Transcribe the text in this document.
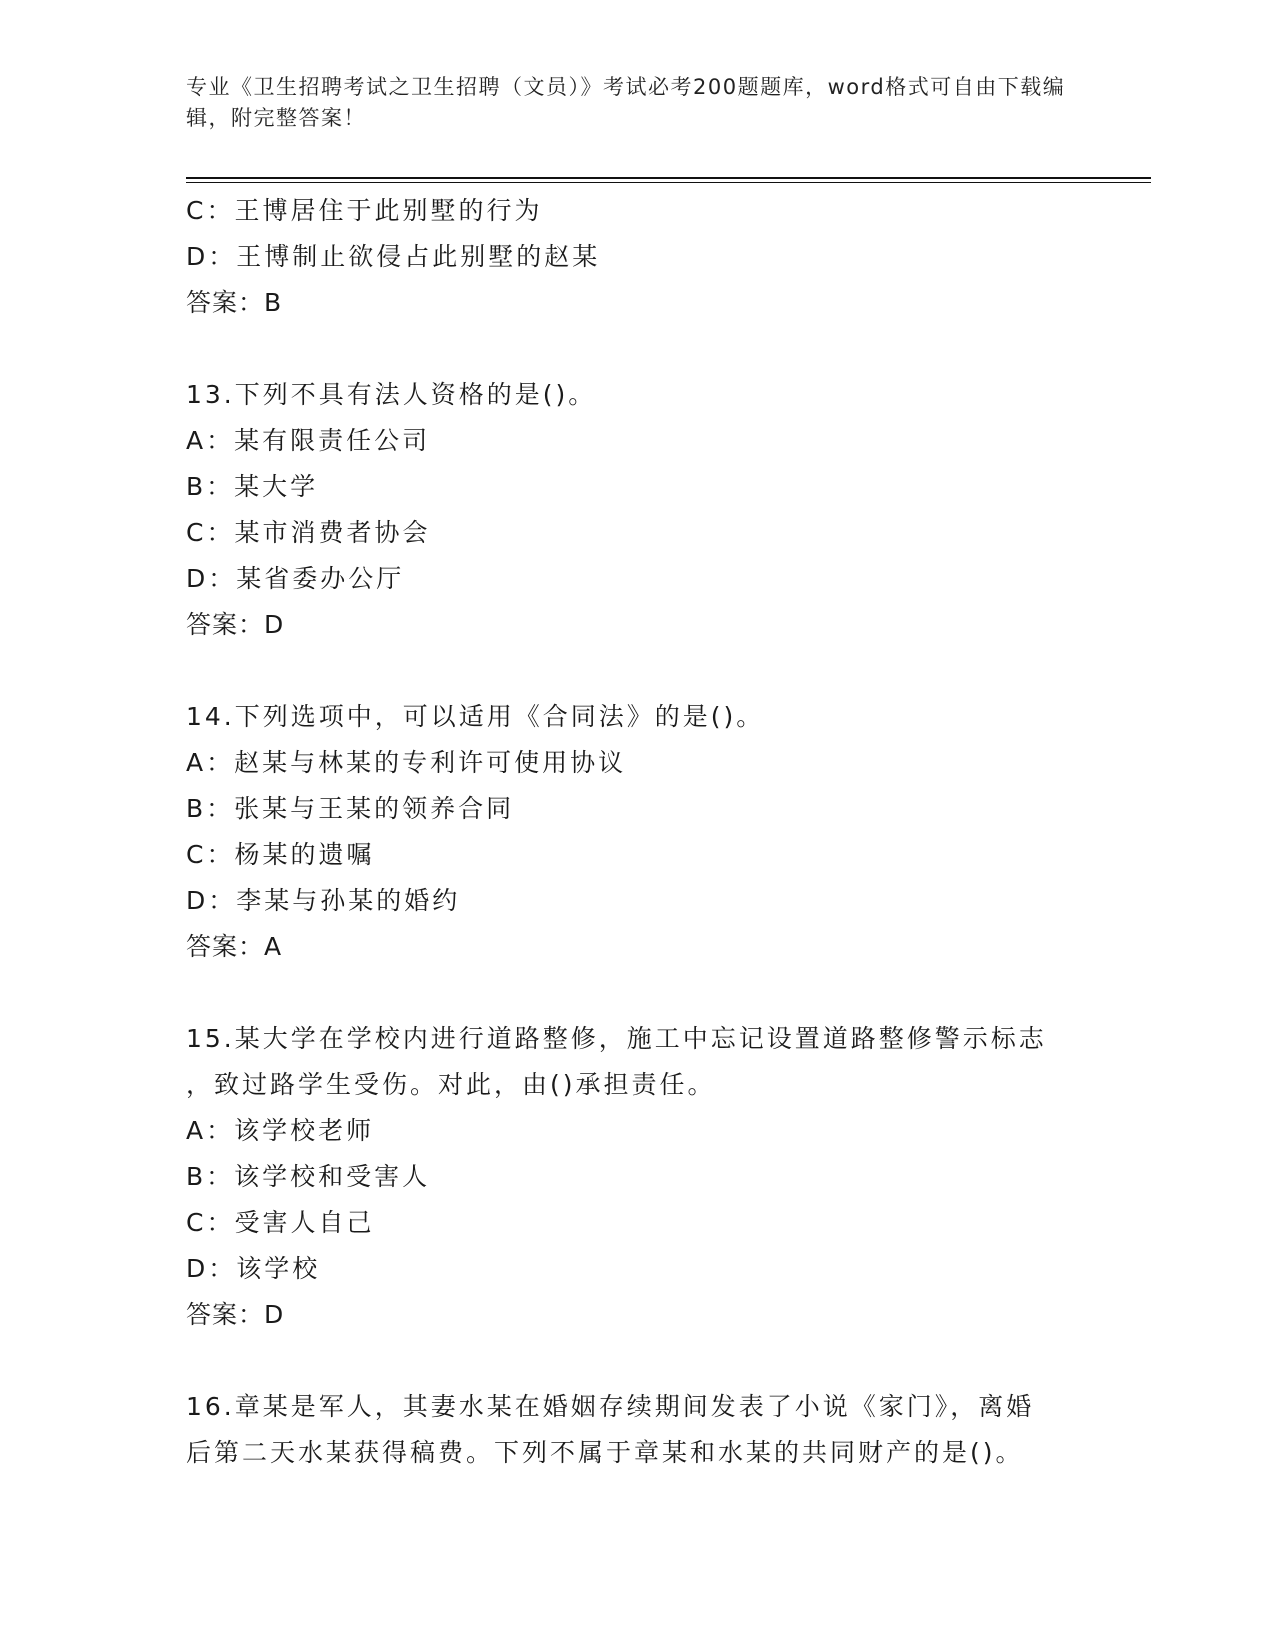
专业《卫生招聘考试之卫生招聘（文员）》考试必考200题题库，word格式可自由下载编辑，附完整答案！
C：王博居住于此别墅的行为
D：王博制止欲侵占此别墅的赵某
答案：B
13.下列不具有法人资格的是()。
A：某有限责任公司
B：某大学
C：某市消费者协会
D：某省委办公厅
答案：D
14.下列选项中，可以适用《合同法》的是()。
A：赵某与林某的专利许可使用协议
B：张某与王某的领养合同
C：杨某的遗嘱
D：李某与孙某的婚约
答案：A
15.某大学在学校内进行道路整修，施工中忘记设置道路整修警示标志
，致过路学生受伤。对此，由()承担责任。
A：该学校老师
B：该学校和受害人
C：受害人自己
D：该学校
答案：D
16.章某是军人，其妻水某在婚姻存续期间发表了小说《家门》，离婚
后第二天水某获得稿费。下列不属于章某和水某的共同财产的是()。
